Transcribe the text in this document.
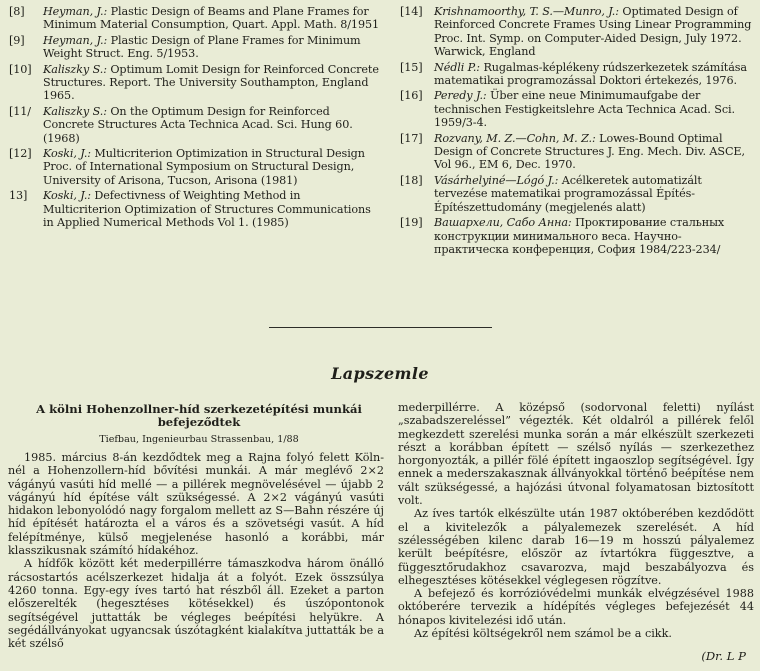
[8]	Heyman, J.: Plastic Design of Beams and Plane Frames for Minimum Material Consumption, Quart. Appl. Math. 8/1951
[9]	Heyman, J.: Plastic Design of Plane Frames for Minimum Weight Struct. Eng. 5/1953.
[10]	Kaliszky S.: Optimum Lomit Design for Reinforced Concrete Structures. Report. The University Southampton, England 1965.
[11/	Kaliszky S.: On the Optimum Design for Reinforced Concrete Structures Acta Technica Acad. Sci. Hung 60. (1968)
[12]	Koski, J.: Multicriterion Optimization in Structural Design Proc. of International Symposium on Structural Design, University of Arisona, Tucson, Arisona (1981)
13]	Koski, J.: Defectivness of Weighting Method in Multicriterion Optimization of Structures Communications in Applied Numerical Methods Vol 1. (1985)
[14]	Krishnamoorthy, T. S.—Munro, J.: Optimated Design of Reinforced Concrete Frames Using Linear Programming Proc. Int. Symp. on Computer-Aided Design, July 1972. Warwick, England
[15]	Nédli P.: Rugalmas-képlékeny rúdszerkezetek számítása matematikai programozással Doktori értekezés, 1976.
[16]	Peredy J.: Über eine neue Minimumaufgabe der technischen Festigkeitslehre Acta Technica Acad. Sci. 1959/3-4.
[17]	Rozvany, M. Z.—Cohn, M. Z.: Lowes-Bound Optimal Design of Concrete Structures J. Eng. Mech. Div. ASCE, Vol 96., EM 6, Dec. 1970.
[18]	Vásárhelyiné—Lógó J.: Acélkeretek automatizált tervezése matematikai programozással Építés-Építészettudomány (megjelenés alatt)
[19]	Вашархели, Сабо Анна: Проктирование стальных конструкции минимального веса. Научно-практическа конференция, София 1984/223-234/
Lapszemle
A kölni Hohenzollner-híd szerkezetépítési munkái befejeződtek
Tiefbau, Ingenieurbau Strassenbau, 1/88

1985. március 8-án kezdődtek meg a Rajna folyó felett Köln-nél a Hohenzollern-híd bővítési munkái. A már meglévő 2×2 vágányú vasúti híd mellé — a pillérek megnövelésével — újabb 2 vágányú híd építése vált szükségessé. A 2×2 vágányú vasúti hidakon lebonyolódó nagy forgalom mellett az S—Bahn részére új híd építését határozta el a város és a szövetségi vasút. A híd felépítménye, külső megjelenése hasonló a korábbi, már klasszikusnak számító hídakéhoz.

A hídfők között két mederpillérre támaszkodva három önálló rácsostartós acélszerkezet hidalja át a folyót. Ezek összsúlya 4260 tonna. Egy-egy íves tartó hat részből áll. Ezeket a parton előszerelték (hegesztéses kötésekkel) és úszópontonok segítségével juttatták be végleges beépítési helyükre. A segédállványokat ugyancsak úszótagként kialakítva juttatták be a két szélső

mederpillérre. A középső (sodorvonal feletti) nyílást „szabadszereléssel” végezték. Két oldalról a pillérek felől megkezdett szerelési munka során a már elkészült szerkezeti részt a korábban épített — szélső nyílás — szerkezethez horgonyozták, a pillér fölé épített ingaoszlop segítségével. Így ennek a mederszakasznak állványokkal történő beépítése nem vált szükségessé, a hajózási útvonal folyamatosan biztosított volt.

Az íves tartók elkészülte után 1987 októberében kezdődött el a kivitelezők a pályalemezek szerelését. A híd szélességében kilenc darab 16—19 m hosszú pályalemez került beépítésre, először az ívtartókra függesztve, a függesztőrudakhoz csavarozva, majd beszabályozva és elhegesztéses kötésekkel véglegesen rögzítve.

A befejező és korrózióvédelmi munkák elvégzésével 1988 októberére tervezik a hídépítés végleges befejezését 44 hónapos kivitelezési idő után.

Az építési költségekről nem számol be a cikk.

(Dr. L P
